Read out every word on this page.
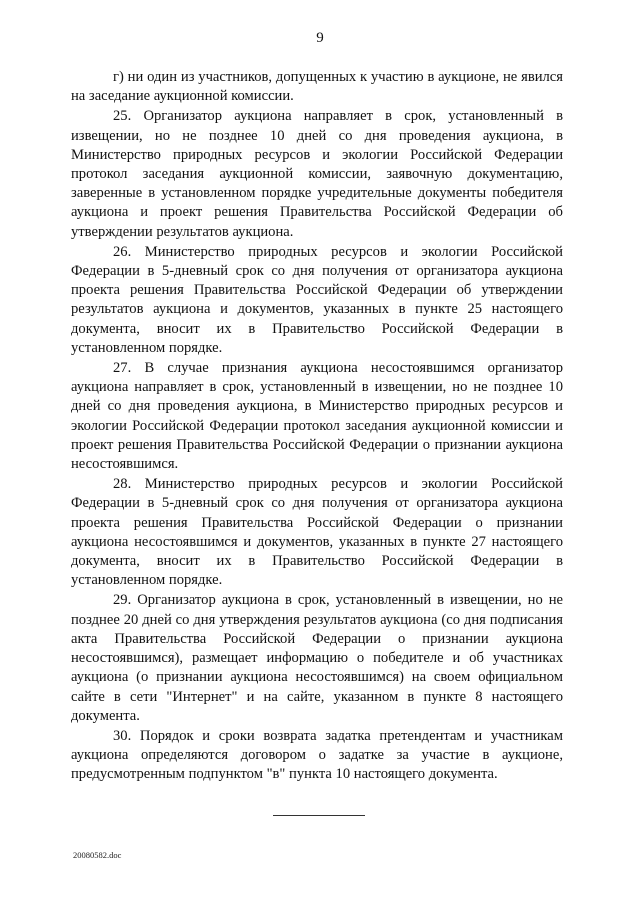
9

г) ни один из участников, допущенных к участию в аукционе, не явился на заседание аукционной комиссии.

25. Организатор аукциона направляет в срок, установленный в извещении, но не позднее 10 дней со дня проведения аукциона, в Министерство природных ресурсов и экологии Российской Федерации протокол заседания аукционной комиссии, заявочную документацию, заверенные в установленном порядке учредительные документы победителя аукциона и проект решения Правительства Российской Федерации об утверждении результатов аукциона.

26. Министерство природных ресурсов и экологии Российской Федерации в 5-дневный срок со дня получения от организатора аукциона проекта решения Правительства Российской Федерации об утверждении результатов аукциона и документов, указанных в пункте 25 настоящего документа, вносит их в Правительство Российской Федерации в установленном порядке.

27. В случае признания аукциона несостоявшимся организатор аукциона направляет в срок, установленный в извещении, но не позднее 10 дней со дня проведения аукциона, в Министерство природных ресурсов и экологии Российской Федерации протокол заседания аукционной комиссии и проект решения Правительства Российской Федерации о признании аукциона несостоявшимся.

28. Министерство природных ресурсов и экологии Российской Федерации в 5-дневный срок со дня получения от организатора аукциона проекта решения Правительства Российской Федерации о признании аукциона несостоявшимся и документов, указанных в пункте 27 настоящего документа, вносит их в Правительство Российской Федерации в установленном порядке.

29. Организатор аукциона в срок, установленный в извещении, но не позднее 20 дней со дня утверждения результатов аукциона (со дня подписания акта Правительства Российской Федерации о признании аукциона несостоявшимся), размещает информацию о победителе и об участниках аукциона (о признании аукциона несостоявшимся) на своем официальном сайте в сети "Интернет" и на сайте, указанном в пункте 8 настоящего документа.

30. Порядок и сроки возврата задатка претендентам и участникам аукциона определяются договором о задатке за участие в аукционе, предусмотренным подпунктом "в" пункта 10 настоящего документа.

20080582.doc
